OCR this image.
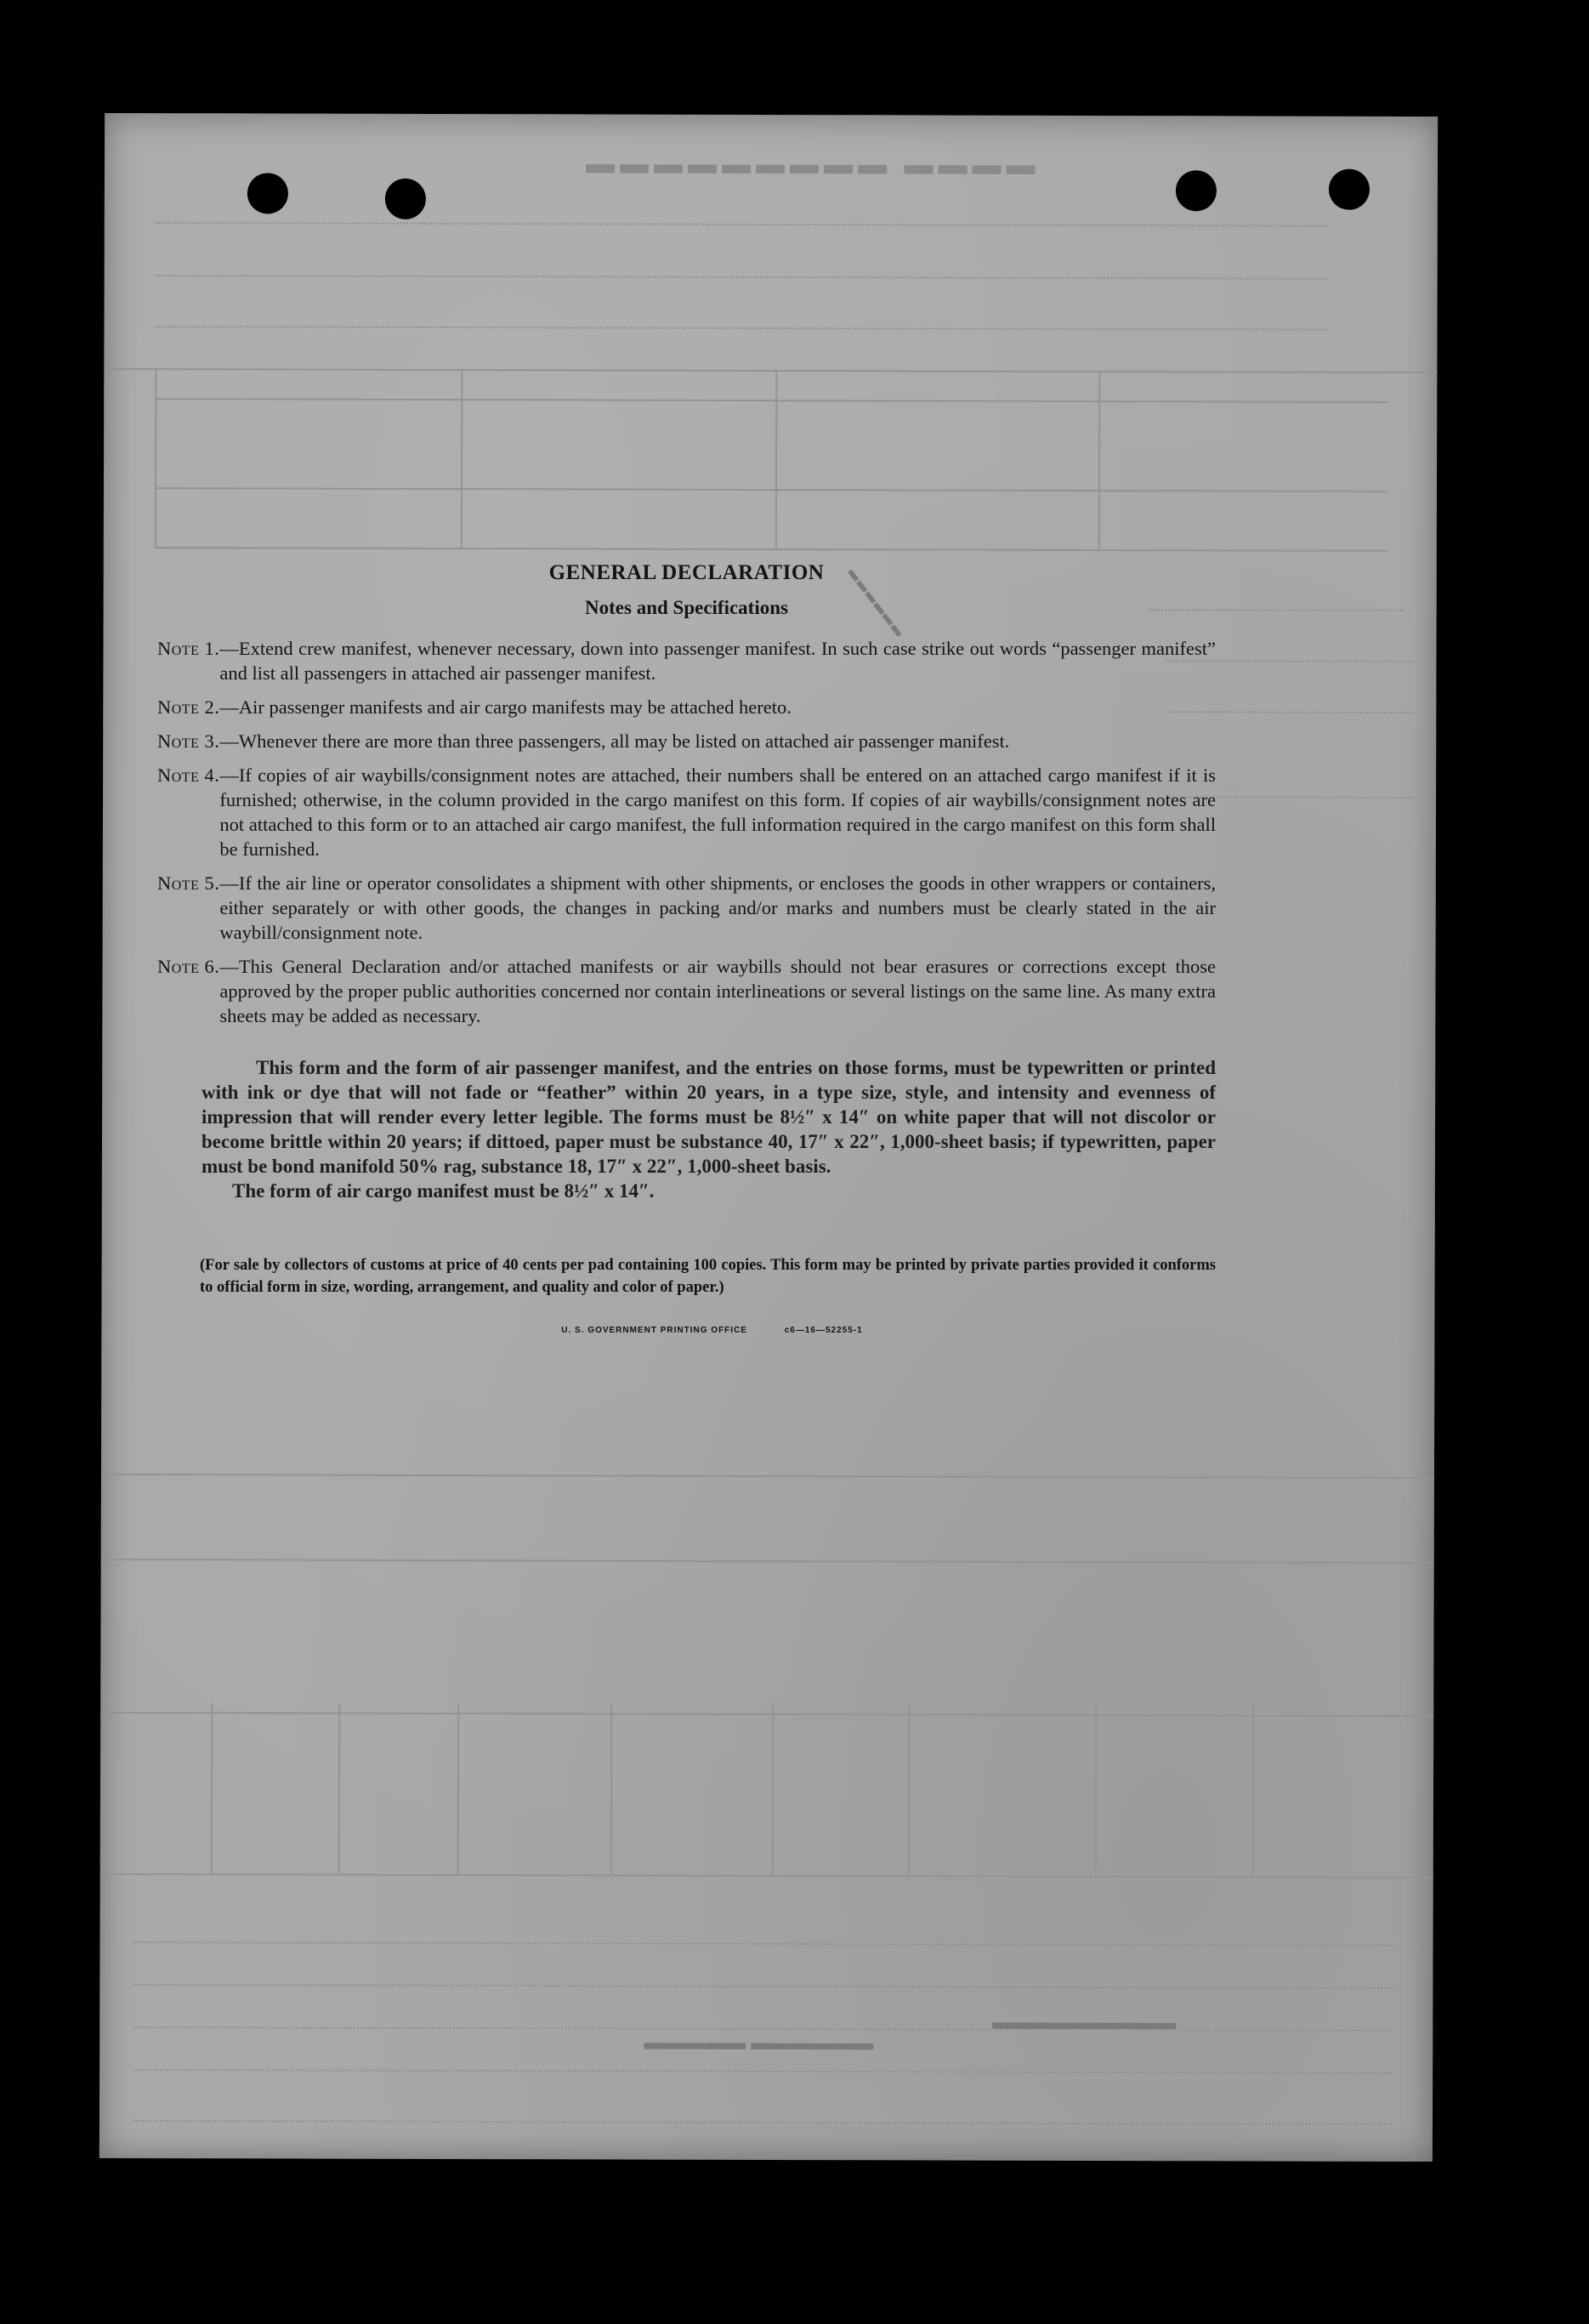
▬▬▬▬ ▬▬▬▬▬▬▬▬▬
▬▬▬▬▬▬ ▬▬▬▬▬
▬▬▬▬▬▬▬▬▬
▬▬▬▬▬▬
GENERAL DECLARATION
Notes and Specifications
Note 1. —Extend crew manifest, whenever necessary, down into passenger manifest. In such case strike out words “passenger manifest” and list all passengers in attached air passenger manifest.
Note 2. —Air passenger manifests and air cargo manifests may be attached hereto.
Note 3. —Whenever there are more than three passengers, all may be listed on attached air passenger manifest.
Note 4. —If copies of air waybills/consignment notes are attached, their numbers shall be entered on an attached cargo manifest if it is furnished; otherwise, in the column provided in the cargo manifest on this form. If copies of air waybills/consignment notes are not attached to this form or to an attached air cargo manifest, the full information required in the cargo manifest on this form shall be furnished.
Note 5. —If the air line or operator consolidates a shipment with other shipments, or encloses the goods in other wrappers or containers, either separately or with other goods, the changes in packing and/or marks and numbers must be clearly stated in the air waybill/consignment note.
Note 6. —This General Declaration and/or attached manifests or air waybills should not bear erasures or corrections except those approved by the proper public authorities concerned nor contain interlineations or several listings on the same line. As many extra sheets may be added as necessary.

This form and the form of air passenger manifest, and the entries on those forms, must be typewritten or printed with ink or dye that will not fade or “feather” within 20 years, in a type size, style, and intensity and evenness of impression that will render every letter legible. The forms must be 8½″ x 14″ on white paper that will not discolor or become brittle within 20 years; if dittoed, paper must be substance 40, 17″ x 22″, 1,000-sheet basis; if typewritten, paper must be bond manifold 50% rag, substance 18, 17″ x 22″, 1,000-sheet basis.

The form of air cargo manifest must be 8½″ x 14″.

(For sale by collectors of customs at price of 40 cents per pad containing 100 copies. This form may be printed by private parties provided it conforms to official form in size, wording, arrangement, and quality and color of paper.)
U. S. GOVERNMENT PRINTING OFFICE	c6—16—52255-1
